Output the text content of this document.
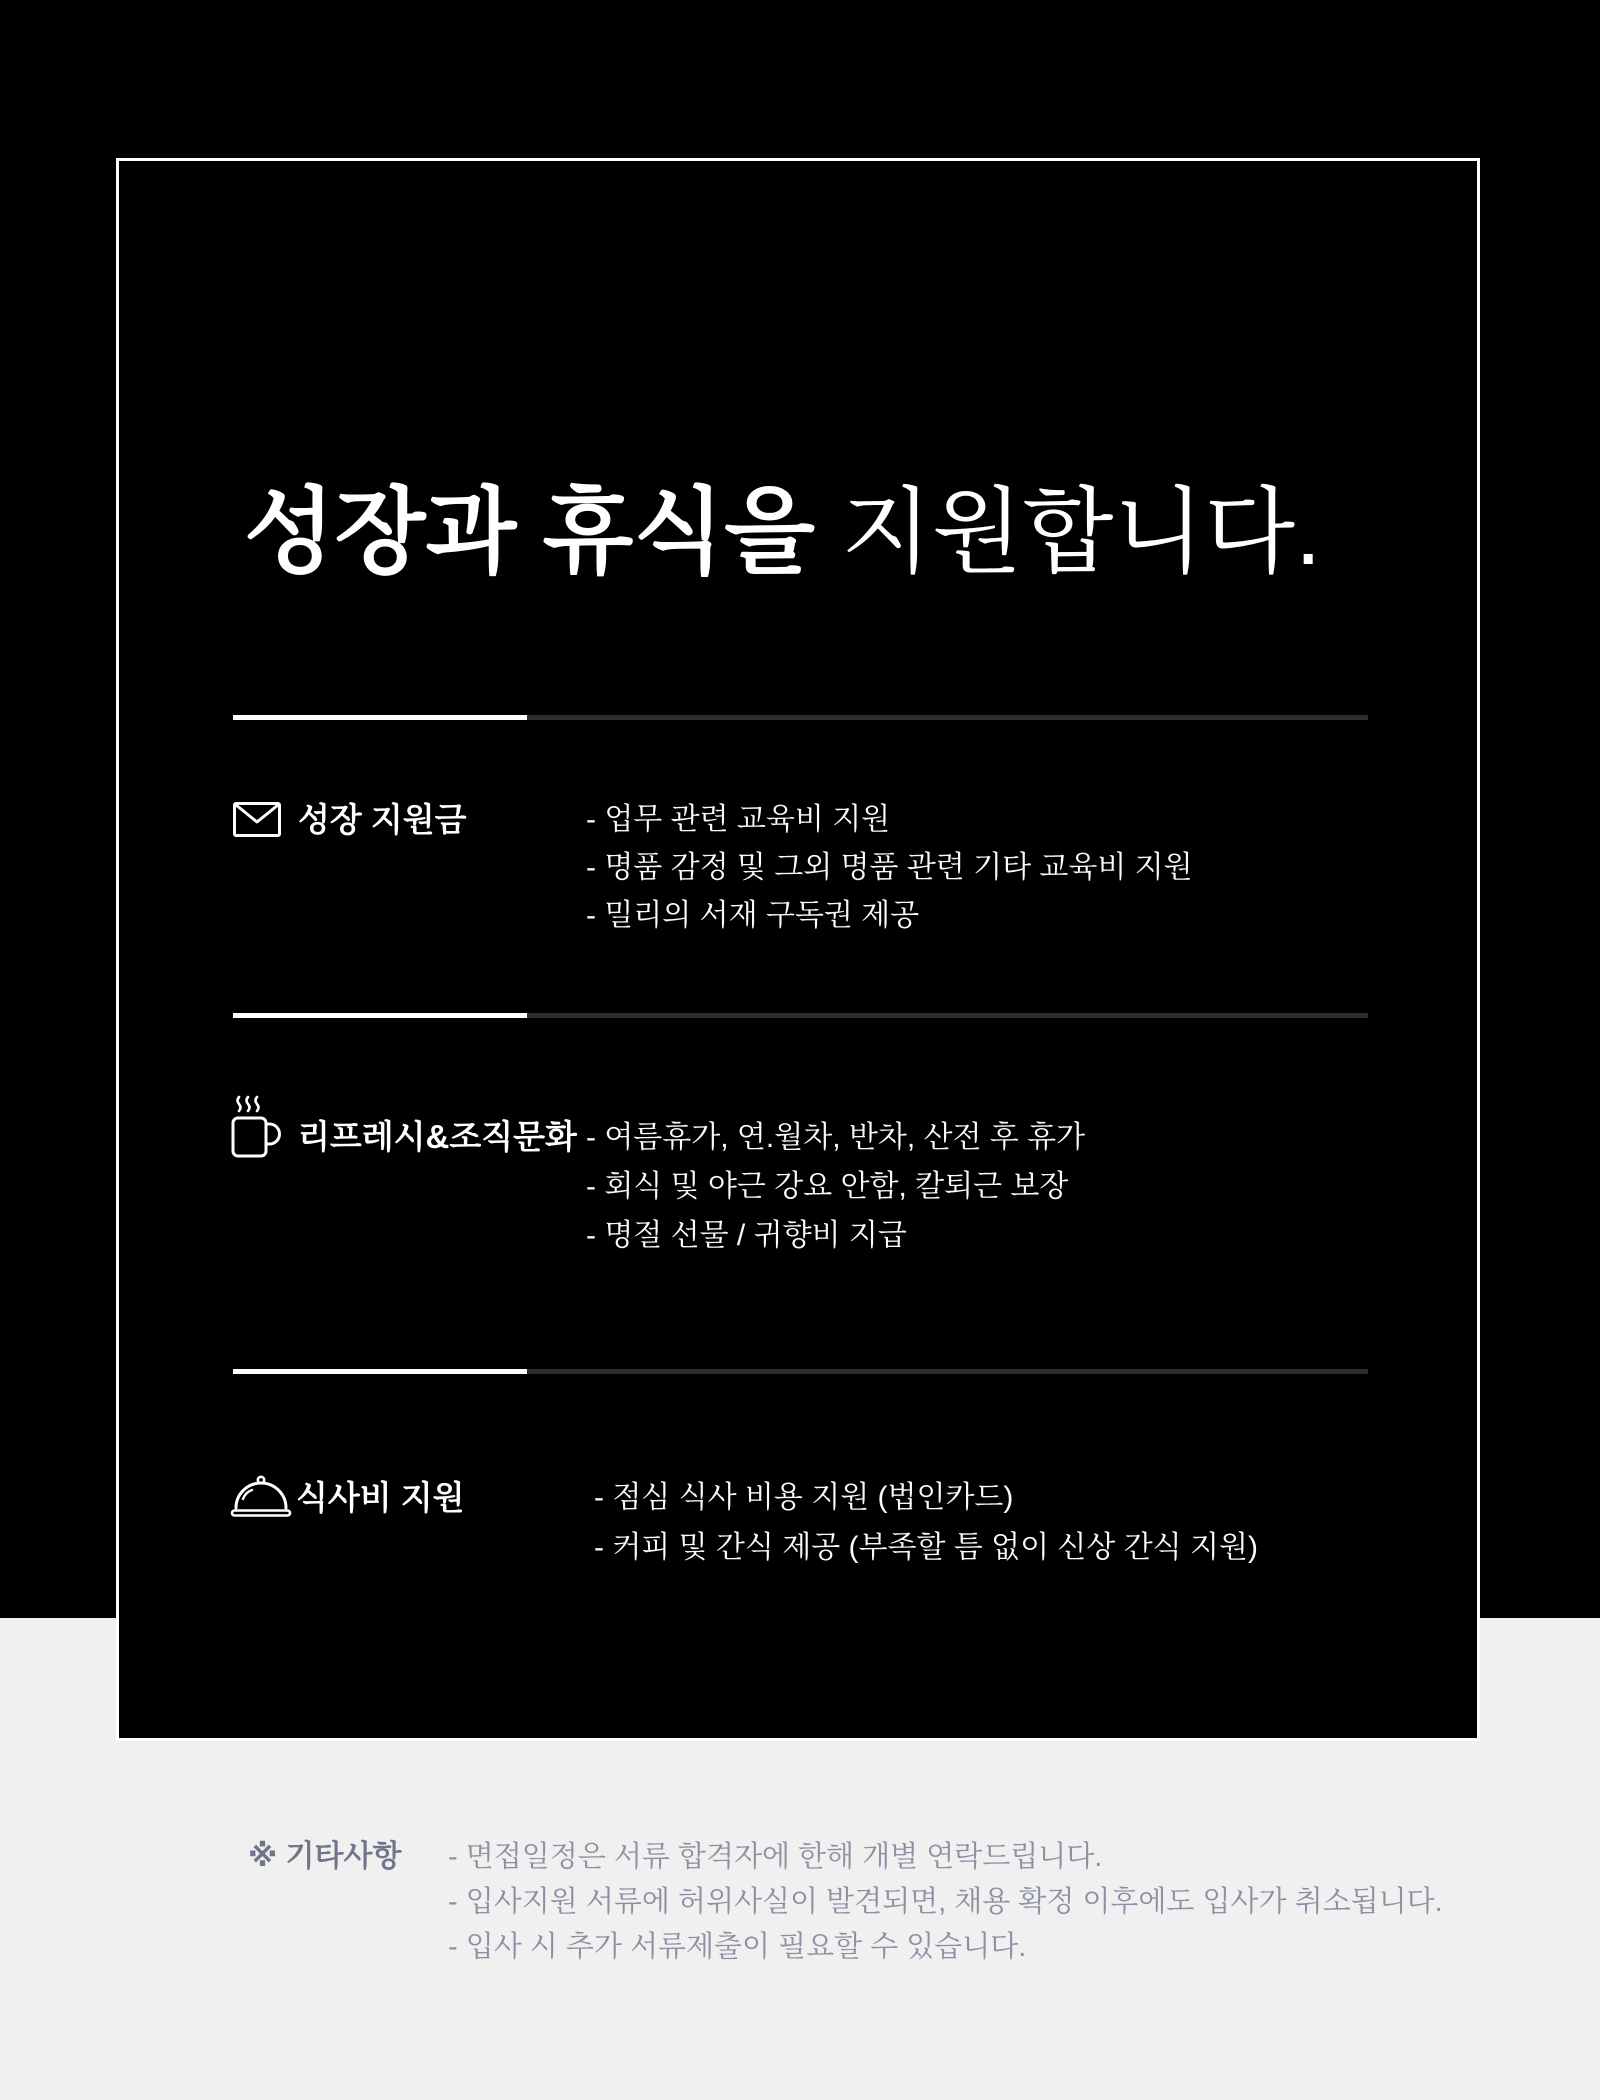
성장과 휴식을 지원합니다.
성장 지원금	- 업무 관련 교육비 지원
- 명품 감정 및 그외 명품 관련 기타 교육비 지원
- 밀리의 서재 구독권 제공
리프레시&조직문화 - 여름휴가, 연.월차, 반차, 산전 후 휴가
- 회식 및 야근 강요 안함, 칼퇴근 보장
- 명절 선물 / 귀향비 지급
식사비 지원	- 점심 식사 비용 지원 (법인카드)
- 커피 및 간식 제공 (부족할 틈 없이 신상 간식 지원)
※ 기타사항 - 면접일정은 서류 합격자에 한해 개별 연락드립니다.
- 입사지원 서류에 허위사실이 발견되면, 채용 확정 이후에도 입사가 취소됩니다.
- 입사 시 추가 서류제출이 필요할 수 있습니다.
